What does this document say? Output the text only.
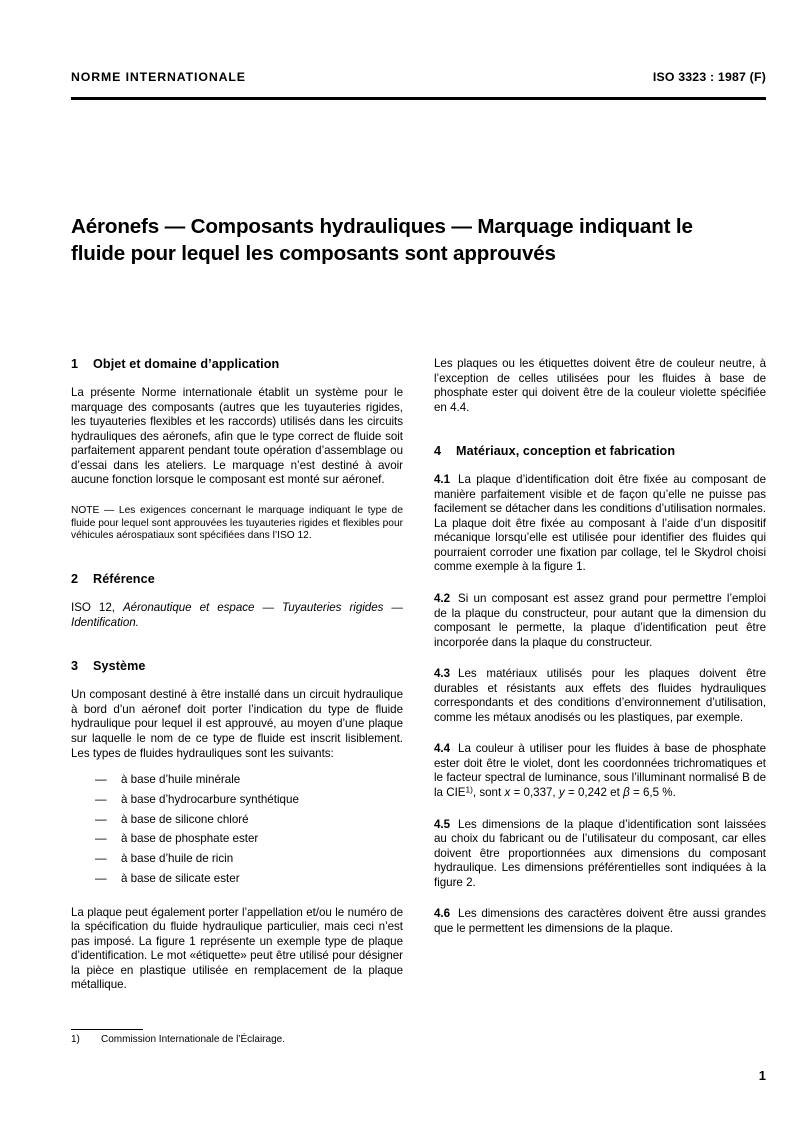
NORME INTERNATIONALE	ISO 3323 : 1987 (F)
Aéronefs — Composants hydrauliques — Marquage indiquant le fluide pour lequel les composants sont approuvés
1 Objet et domaine d’application

La présente Norme internationale établit un système pour le marquage des composants (autres que les tuyauteries rigides, les tuyauteries flexibles et les raccords) utilisés dans les circuits hydrauliques des aéronefs, afin que le type correct de fluide soit parfaitement apparent pendant toute opération d’assemblage ou d’essai dans les ateliers. Le marquage n’est destiné à avoir aucune fonction lorsque le composant est monté sur aéronef.

NOTE — Les exigences concernant le marquage indiquant le type de fluide pour lequel sont approuvées les tuyauteries rigides et flexibles pour véhicules aérospatiaux sont spécifiées dans l’ISO 12.

2 Référence

ISO 12, Aéronautique et espace — Tuyauteries rigides — Identification.

3 Système

Un composant destiné à être installé dans un circuit hydraulique à bord d’un aéronef doit porter l’indication du type de fluide hydraulique pour lequel il est approuvé, au moyen d’une plaque sur laquelle le nom de ce type de fluide est inscrit lisiblement. Les types de fluides hydrauliques sont les suivants:

— à base d’huile minérale
— à base d’hydrocarbure synthétique
— à base de silicone chloré
— à base de phosphate ester
— à base d’huile de ricin
— à base de silicate ester

La plaque peut également porter l’appellation et/ou le numéro de la spécification du fluide hydraulique particulier, mais ceci n’est pas imposé. La figure 1 représente un exemple type de plaque d’identification. Le mot «étiquette» peut être utilisé pour désigner la pièce en plastique utilisée en remplacement de la plaque métallique.

Les plaques ou les étiquettes doivent être de couleur neutre, à l’exception de celles utilisées pour les fluides à base de phosphate ester qui doivent être de la couleur violette spécifiée en 4.4.

4 Matériaux, conception et fabrication

4.1 La plaque d’identification doit être fixée au composant de manière parfaitement visible et de façon qu’elle ne puisse pas facilement se détacher dans les conditions d’utilisation normales. La plaque doit être fixée au composant à l’aide d’un dispositif mécanique lorsqu’elle est utilisée pour identifier des fluides qui pourraient corroder une fixation par collage, tel le Skydrol choisi comme exemple à la figure 1.

4.2 Si un composant est assez grand pour permettre l’emploi de la plaque du constructeur, pour autant que la dimension du composant le permette, la plaque d’identification peut être incorporée dans la plaque du constructeur.

4.3 Les matériaux utilisés pour les plaques doivent être durables et résistants aux effets des fluides hydrauliques correspondants et des conditions d’environnement d’utilisation, comme les métaux anodisés ou les plastiques, par exemple.

4.4 La couleur à utiliser pour les fluides à base de phosphate ester doit être le violet, dont les coordonnées trichromatiques et le facteur spectral de luminance, sous l’illuminant normalisé B de la CIE$^{1)}$, sont x = 0,337, y = 0,242 et β = 6,5 %.

4.5 Les dimensions de la plaque d’identification sont laissées au choix du fabricant ou de l’utilisateur du composant, car elles doivent être proportionnées aux dimensions du composant hydraulique. Les dimensions préférentielles sont indiquées à la figure 2.

4.6 Les dimensions des caractères doivent être aussi grandes que le permettent les dimensions de la plaque.

1) Commission Internationale de l’Éclairage.
1
